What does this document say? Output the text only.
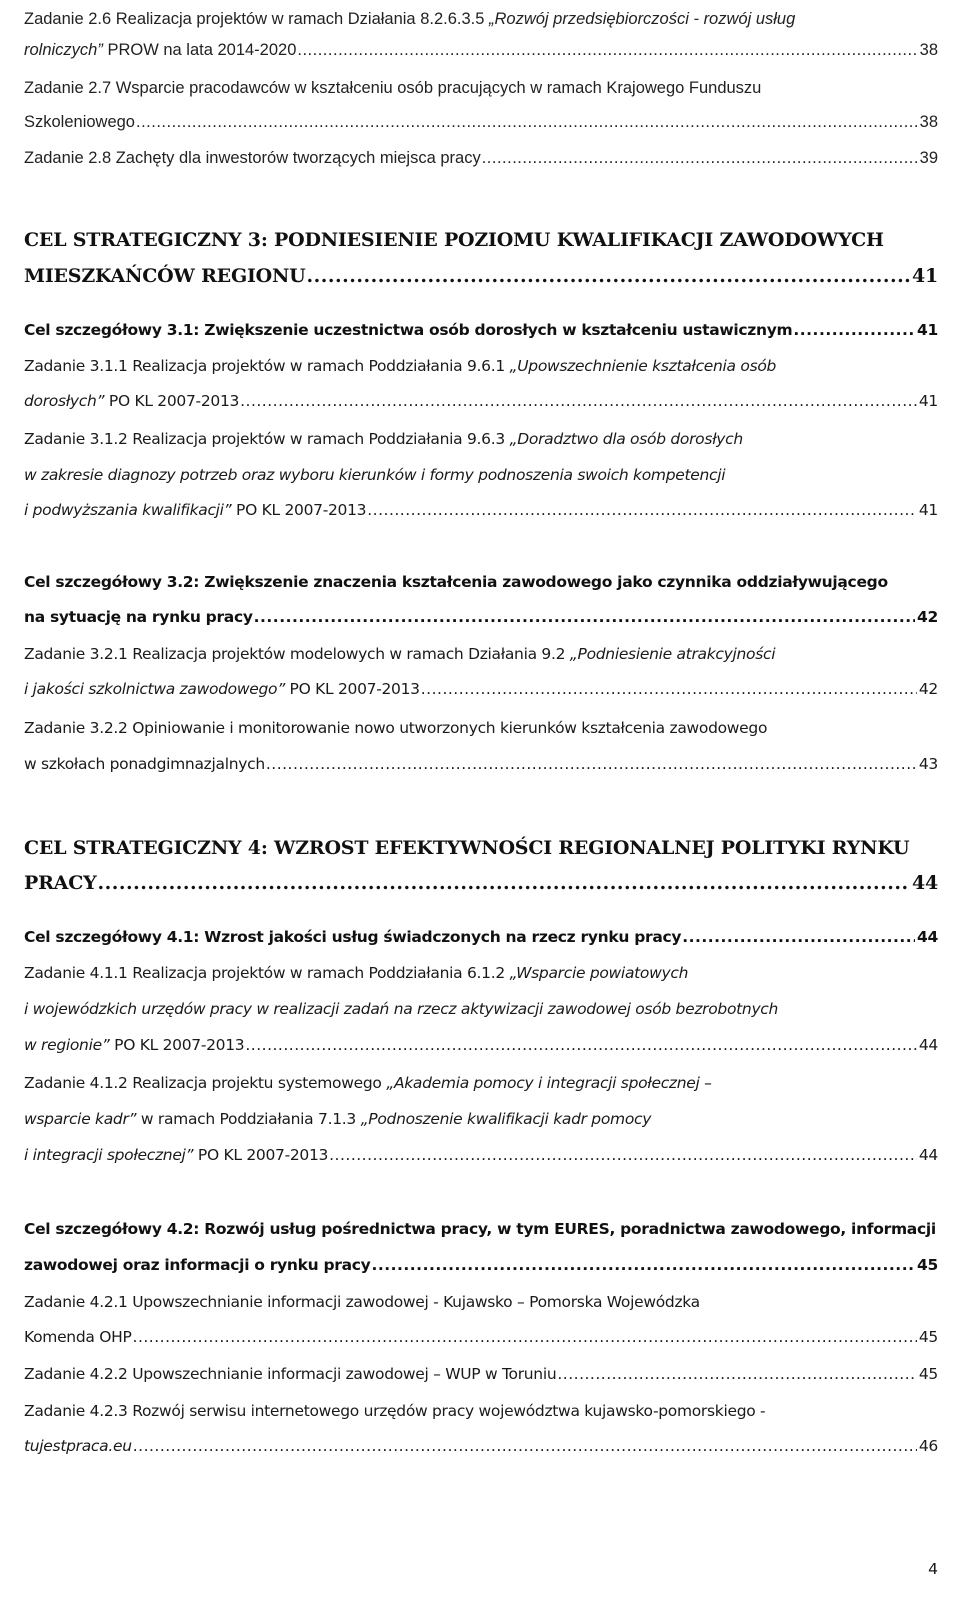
Zadanie 2.6 Realizacja projektów w ramach Działania 8.2.6.3.5 „Rozwój przedsiębiorczości - rozwój usług
rolniczych” PROW na lata 2014-2020 .....	38
Zadanie 2.7 Wsparcie pracodawców w kształceniu osób pracujących w ramach Krajowego Funduszu
Szkoleniowego .....	38
Zadanie 2.8 Zachęty dla inwestorów tworzących miejsca pracy .....	39
CEL STRATEGICZNY 3: PODNIESIENIE POZIOMU KWALIFIKACJI ZAWODOWYCH
MIESZKAŃCÓW REGIONU .....	41
Cel szczegółowy 3.1: Zwiększenie uczestnictwa osób dorosłych w kształceniu ustawicznym .....	41
Zadanie 3.1.1 Realizacja projektów w ramach Poddziałania 9.6.1 „Upowszechnienie kształcenia osób
dorosłych” PO KL 2007-2013 .....	41
Zadanie 3.1.2 Realizacja projektów w ramach Poddziałania 9.6.3 „Doradztwo dla osób dorosłych
w zakresie diagnozy potrzeb oraz wyboru kierunków i formy podnoszenia swoich kompetencji
i podwyższania kwalifikacji” PO KL 2007-2013 .....	41
Cel szczegółowy 3.2: Zwiększenie znaczenia kształcenia zawodowego jako czynnika oddziaływującego
na sytuację na rynku pracy .....	42
Zadanie 3.2.1 Realizacja projektów modelowych w ramach Działania 9.2 „Podniesienie atrakcyjności
i jakości szkolnictwa zawodowego” PO KL 2007-2013 .....	42
Zadanie 3.2.2 Opiniowanie i monitorowanie nowo utworzonych kierunków kształcenia zawodowego
w szkołach ponadgimnazjalnych .....	43
CEL STRATEGICZNY 4: WZROST EFEKTYWNOŚCI REGIONALNEJ POLITYKI RYNKU
PRACY .....	44
Cel szczegółowy 4.1: Wzrost jakości usług świadczonych na rzecz rynku pracy .....	44
Zadanie 4.1.1 Realizacja projektów w ramach Poddziałania 6.1.2 „Wsparcie powiatowych
i wojewódzkich urzędów pracy w realizacji zadań na rzecz aktywizacji zawodowej osób bezrobotnych
w regionie” PO KL 2007-2013 .....	44
Zadanie 4.1.2 Realizacja projektu systemowego „Akademia pomocy i integracji społecznej –
wsparcie kadr” w ramach Poddziałania 7.1.3 „Podnoszenie kwalifikacji kadr pomocy
i integracji społecznej” PO KL 2007-2013 .....	44
Cel szczegółowy 4.2: Rozwój usług pośrednictwa pracy, w tym EURES, poradnictwa zawodowego, informacji
zawodowej oraz informacji o rynku pracy .....	45
Zadanie 4.2.1 Upowszechnianie informacji zawodowej - Kujawsko – Pomorska Wojewódzka
Komenda OHP .....	45
Zadanie 4.2.2 Upowszechnianie informacji zawodowej – WUP w Toruniu .....	45
Zadanie 4.2.3 Rozwój serwisu internetowego urzędów pracy województwa kujawsko-pomorskiego -
tujestpraca.eu .....	46
4
